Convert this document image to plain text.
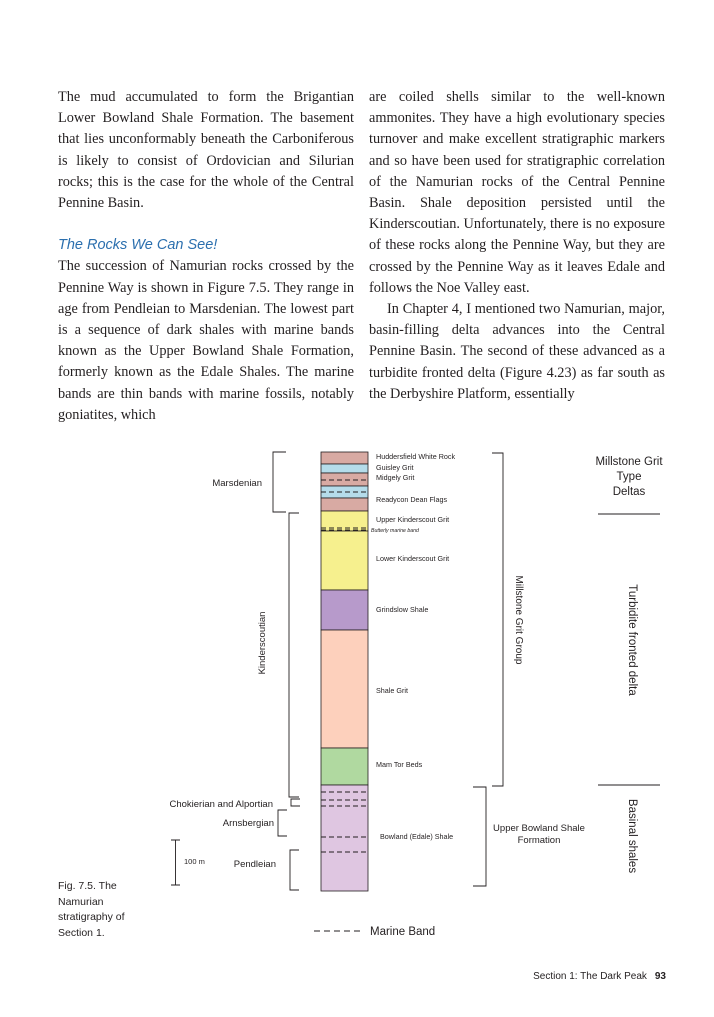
The mud accumulated to form the Brigantian Lower Bowland Shale Formation. The basement that lies unconformably beneath the Carboniferous is likely to consist of Ordovician and Silurian rocks; this is the case for the whole of the Central Pennine Basin.

The Rocks We Can See!

The succession of Namurian rocks crossed by the Pennine Way is shown in Figure 7.5. They range in age from Pendleian to Marsdenian. The lowest part is a sequence of dark shales with marine bands known as the Upper Bowland Shale Formation, formerly known as the Edale Shales. The marine bands are thin bands with marine fossils, notably goniatites, which

are coiled shells similar to the well-known ammonites. They have a high evolutionary species turnover and make excellent stratigraphic markers and so have been used for stratigraphic correlation of the Namurian rocks of the Central Pennine Basin. Shale deposition persisted until the Kinderscoutian. Unfortunately, there is no exposure of these rocks along the Pennine Way, but they are crossed by the Pennine Way as it leaves Edale and follows the Noe Valley east.

In Chapter 4, I mentioned two Namurian, major, basin-filling delta advances into the Central Pennine Basin. The second of these advanced as a turbidite fronted delta (Figure 4.23) as far south as the Derbyshire Platform, essentially

Huddersfield White Rock
Guisley Grit
Midgely Grit
Readycon Dean Flags
Upper Kinderscout Grit
Butterly marine band
Lower Kinderscout Grit
Grindslow Shale
Shale Grit
Mam Tor Beds
Bowland (Edale) Shale
Marsdenian
Kinderscoutian
Chokierian and Alportian
Arnsbergian
Pendleian
100 m
Millstone Grit Group
Upper Bowland Shale
Formation
Millstone Grit
Type
Deltas
Turbidite fronted delta
Basinal shales
Marine Band
Fig. 7.5. The Namurian stratigraphy of Section 1.
Section 1: The Dark Peak 93
